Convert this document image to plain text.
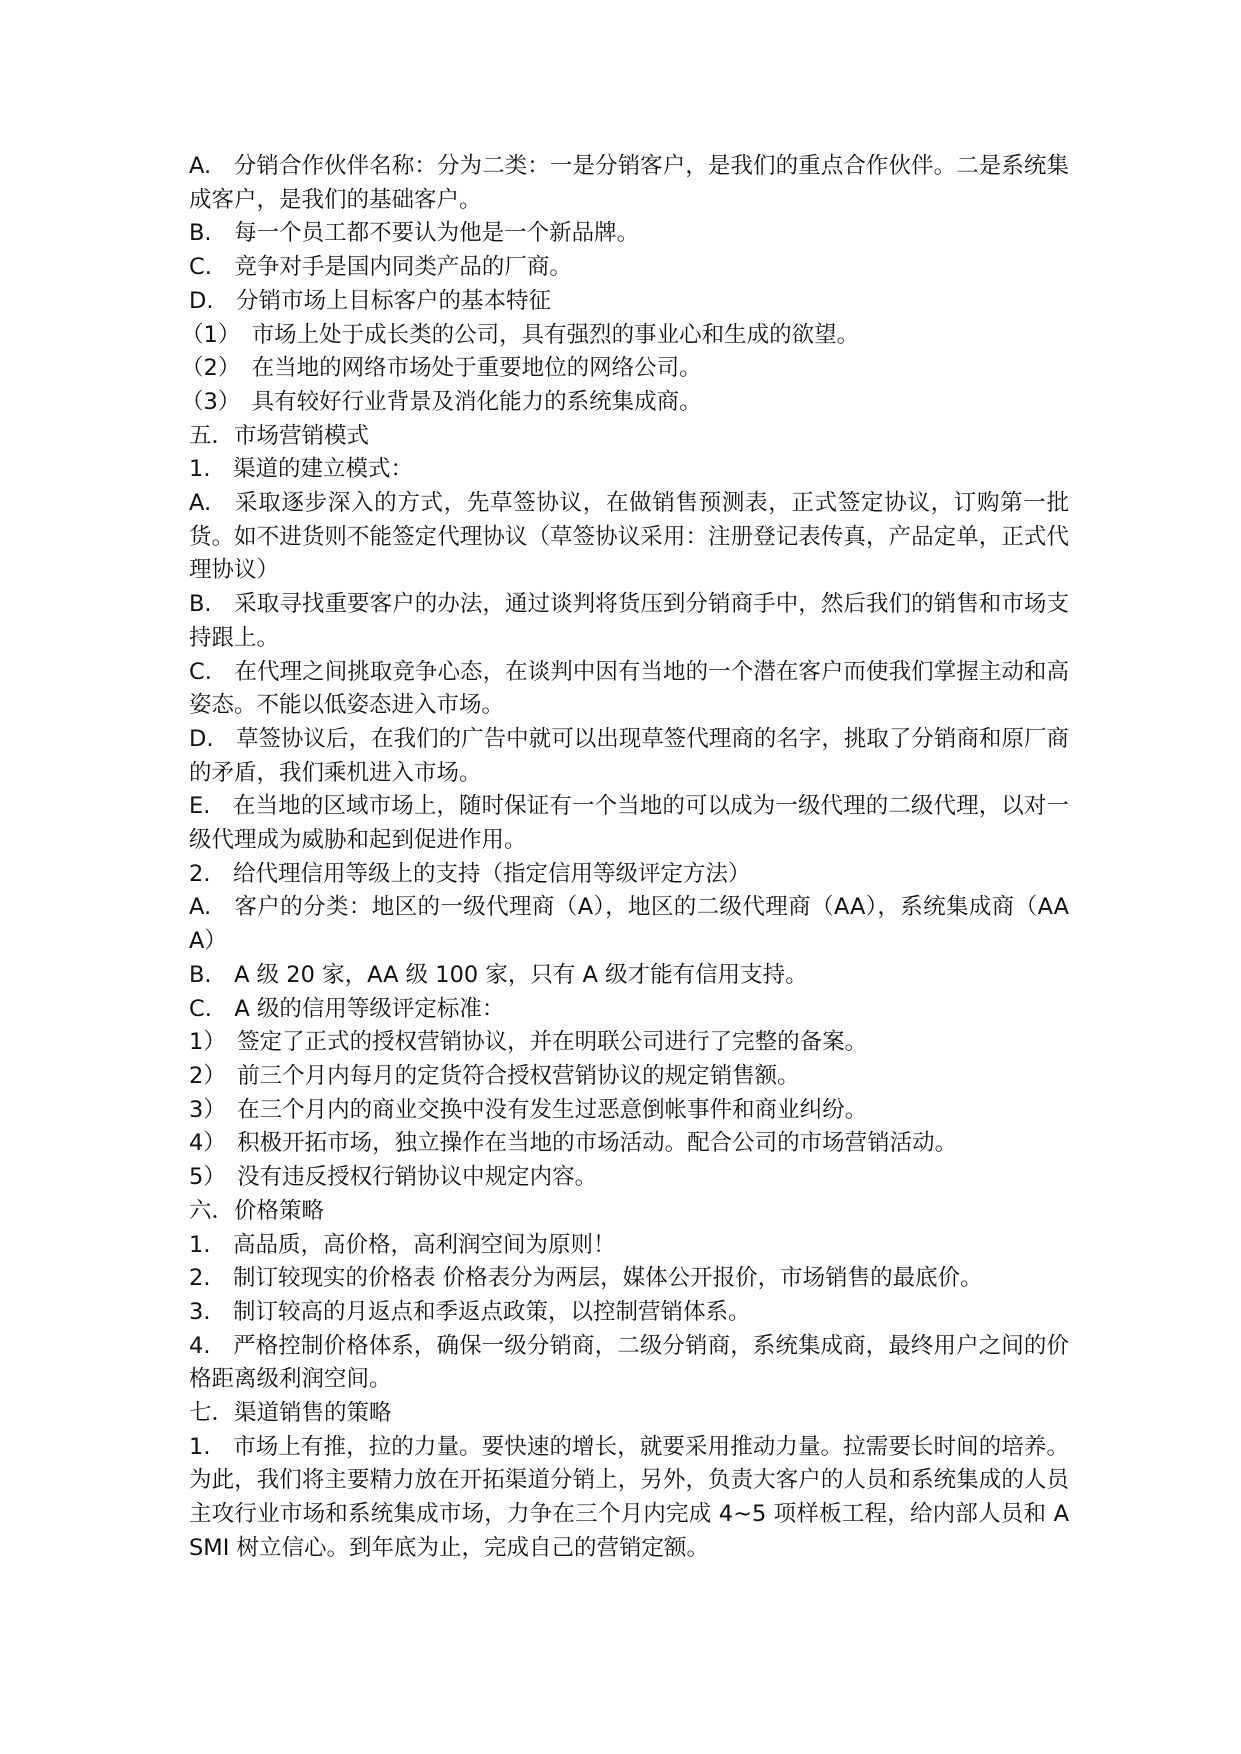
A.　分销合作伙伴名称：分为二类：一是分销客户，是我们的重点合作伙伴。二是系统集成客户，是我们的基础客户。

B.　每一个员工都不要认为他是一个新品牌。

C.　竞争对手是国内同类产品的厂商。

D.　分销市场上目标客户的基本特征

（1）　市场上处于成长类的公司，具有强烈的事业心和生成的欲望。

（2）　在当地的网络市场处于重要地位的网络公司。

（3）　具有较好行业背景及消化能力的系统集成商。

五．市场营销模式

1.　渠道的建立模式：

A.　采取逐步深入的方式，先草签协议，在做销售预测表，正式签定协议，订购第一批货。如不进货则不能签定代理协议（草签协议采用：注册登记表传真，产品定单，正式代理协议）

B.　采取寻找重要客户的办法，通过谈判将货压到分销商手中，然后我们的销售和市场支持跟上。

C.　在代理之间挑取竞争心态，在谈判中因有当地的一个潜在客户而使我们掌握主动和高姿态。不能以低姿态进入市场。

D.　草签协议后，在我们的广告中就可以出现草签代理商的名字，挑取了分销商和原厂商的矛盾，我们乘机进入市场。

E.　在当地的区域市场上，随时保证有一个当地的可以成为一级代理的二级代理，以对一级代理成为威胁和起到促进作用。

2.　给代理信用等级上的支持（指定信用等级评定方法）

A.　客户的分类：地区的一级代理商（A），地区的二级代理商（AA），系统集成商（AAA）

B.　A 级 20 家，AA 级 100 家，只有 A 级才能有信用支持。

C.　A 级的信用等级评定标准：

1）　签定了正式的授权营销协议，并在明联公司进行了完整的备案。

2）　前三个月内每月的定货符合授权营销协议的规定销售额。

3）　在三个月内的商业交换中没有发生过恶意倒帐事件和商业纠纷。

4）　积极开拓市场，独立操作在当地的市场活动。配合公司的市场营销活动。

5）　没有违反授权行销协议中规定内容。

六．价格策略

1.　高品质，高价格，高利润空间为原则！

2.　制订较现实的价格表 价格表分为两层，媒体公开报价，市场销售的最底价。

3.　制订较高的月返点和季返点政策，以控制营销体系。

4.　严格控制价格体系，确保一级分销商，二级分销商，系统集成商，最终用户之间的价格距离级利润空间。

七．渠道销售的策略

1.　市场上有推，拉的力量。要快速的增长，就要采用推动力量。拉需要长时间的培养。为此，我们将主要精力放在开拓渠道分销上，另外，负责大客户的人员和系统集成的人员主攻行业市场和系统集成市场，力争在三个月内完成 4~5 项样板工程，给内部人员和 ASMI 树立信心。到年底为止，完成自己的营销定额。
